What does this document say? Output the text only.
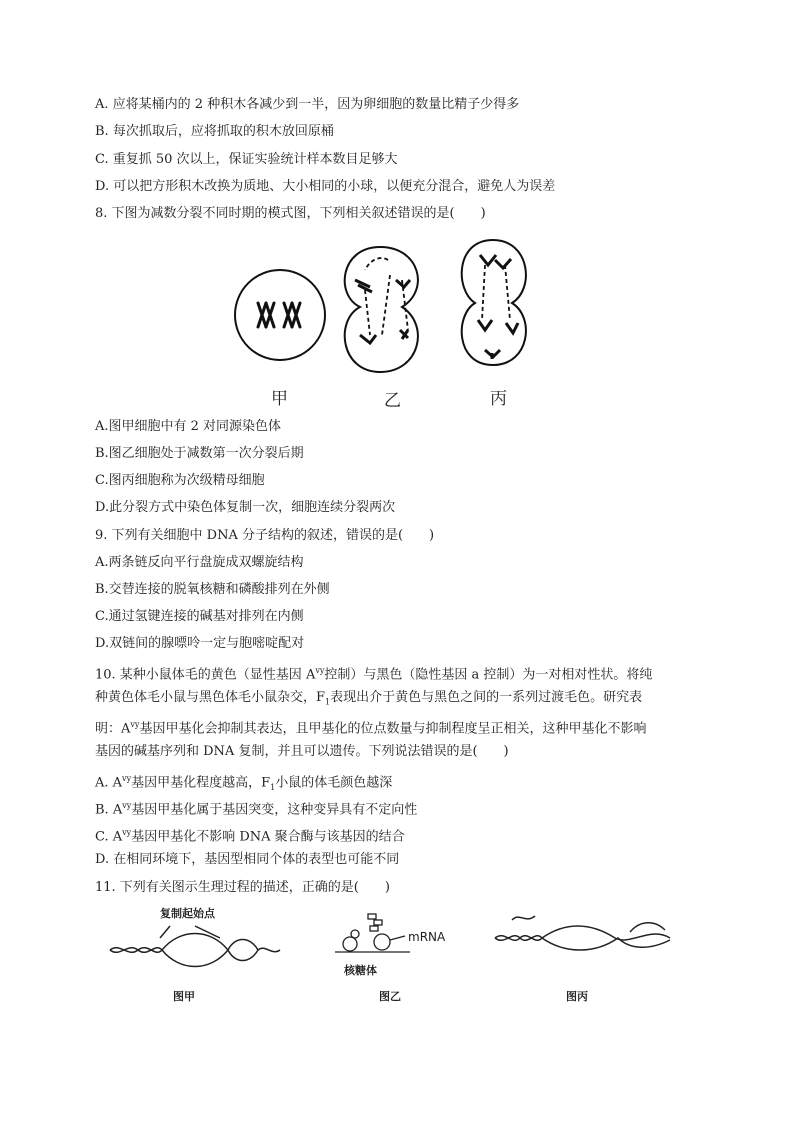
A. 应将某桶内的 2 种积木各减少到一半，因为卵细胞的数量比精子少得多
B. 每次抓取后，应将抓取的积木放回原桶
C. 重复抓 50 次以上，保证实验统计样本数目足够大
D. 可以把方形积木改换为质地、大小相同的小球，以便充分混合，避免人为误差
8. 下图为减数分裂不同时期的模式图，下列相关叙述错误的是(　　)
甲	乙	丙
A.图甲细胞中有 2 对同源染色体
B.图乙细胞处于减数第一次分裂后期
C.图丙细胞称为次级精母细胞
D.此分裂方式中染色体复制一次，细胞连续分裂两次
9. 下列有关细胞中 DNA 分子结构的叙述，错误的是(　　)
A.两条链反向平行盘旋成双螺旋结构
B.交替连接的脱氧核糖和磷酸排列在外侧
C.通过氢键连接的碱基对排列在内侧
D.双链间的腺嘌呤一定与胞嘧啶配对
10. 某种小鼠体毛的黄色（显性基因 $A^{vy}$控制）与黑色（隐性基因 a 控制）为一对相对性状。将纯
种黄色体毛小鼠与黑色体毛小鼠杂交，$F_1$表现出介于黄色与黑色之间的一系列过渡毛色。研究表
明：$A^{vy}$基因甲基化会抑制其表达，且甲基化的位点数量与抑制程度呈正相关，这种甲基化不影响
基因的碱基序列和 DNA 复制，并且可以遗传。下列说法错误的是(　　)
A. $A^{vy}$基因甲基化程度越高，$F_1$小鼠的体毛颜色越深
B. $A^{vy}$基因甲基化属于基因突变，这种变异具有不定向性
C. $A^{vy}$基因甲基化不影响 DNA 聚合酶与该基因的结合
D. 在相同环境下，基因型相同个体的表型也可能不同
11. 下列有关图示生理过程的描述，正确的是(　　)
复制起始点
图甲
mRNA
核糖体
图乙	图丙
